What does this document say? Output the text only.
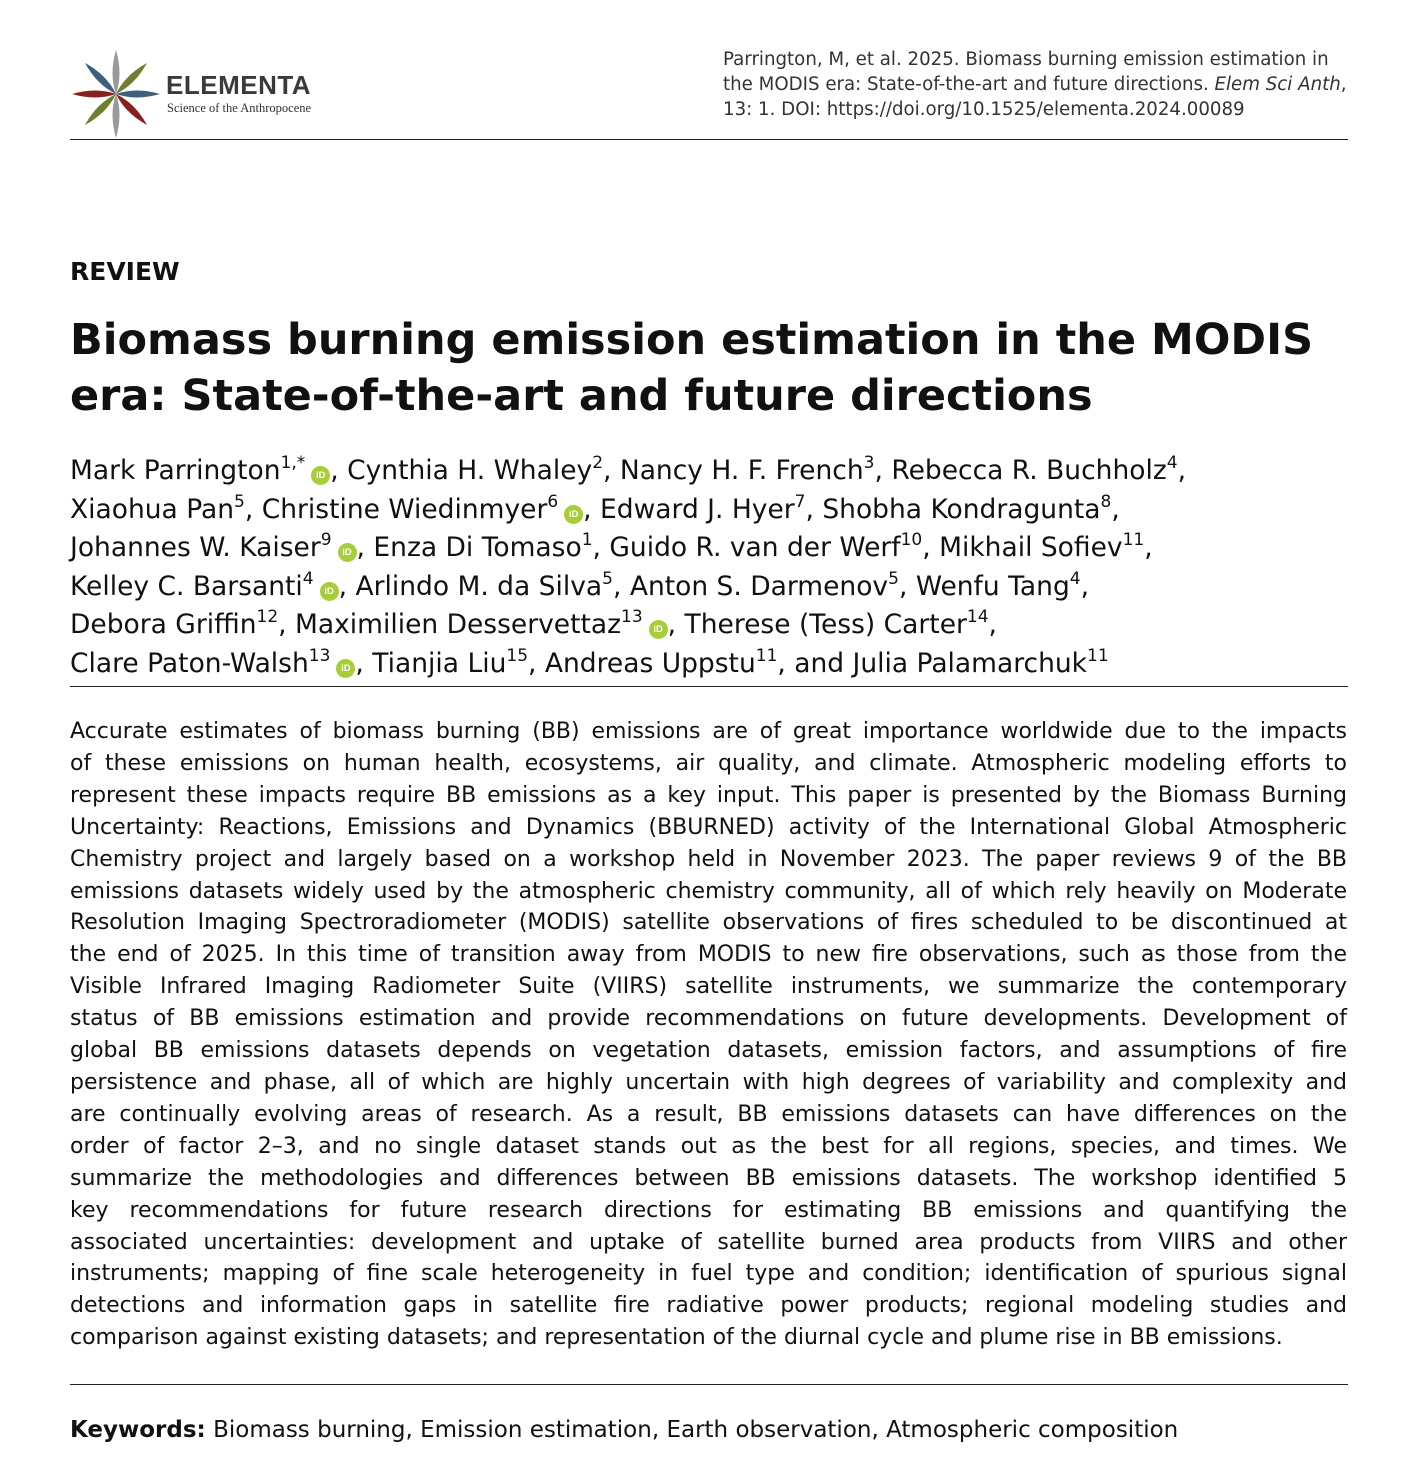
ELEMENTA
Science of the Anthropocene
Parrington, M, et al. 2025. Biomass burning emission estimation in the MODIS era: State-of-the-art and future directions. Elem Sci Anth, 13: 1. DOI: https://doi.org/10.1525/elementa.2024.00089
REVIEW
Biomass burning emission estimation in the MODIS era: State-of-the-art and future directions
Mark Parrington$^{1,*}$iD , Cynthia H. Whaley$^2$, Nancy H. F. French$^3$, Rebecca R. Buchholz$^4$,
Xiaohua Pan$^5$, Christine Wiedinmyer$^6$iD , Edward J. Hyer$^7$, Shobha Kondragunta$^8$,
Johannes W. Kaiser$^9$iD , Enza Di Tomaso$^1$, Guido R. van der Werf$^{10}$, Mikhail Sofiev$^{11}$,
Kelley C. Barsanti$^4$iD , Arlindo M. da Silva$^5$, Anton S. Darmenov$^5$, Wenfu Tang$^4$,
Debora Griffin$^{12}$, Maximilien Desservettaz$^{13}$iD , Therese (Tess) Carter$^{14}$,
Clare Paton-Walsh$^{13}$iD , Tianjia Liu$^{15}$, Andreas Uppstu$^{11}$, and Julia Palamarchuk$^{11}$
Accurate estimates of biomass burning (BB) emissions are of great importance worldwide due to the impacts
of these emissions on human health, ecosystems, air quality, and climate. Atmospheric modeling efforts to
represent these impacts require BB emissions as a key input. This paper is presented by the Biomass Burning
Uncertainty: Reactions, Emissions and Dynamics (BBURNED) activity of the International Global Atmospheric
Chemistry project and largely based on a workshop held in November 2023. The paper reviews 9 of the BB
emissions datasets widely used by the atmospheric chemistry community, all of which rely heavily on Moderate
Resolution Imaging Spectroradiometer (MODIS) satellite observations of fires scheduled to be discontinued at
the end of 2025. In this time of transition away from MODIS to new fire observations, such as those from the
Visible Infrared Imaging Radiometer Suite (VIIRS) satellite instruments, we summarize the contemporary
status of BB emissions estimation and provide recommendations on future developments. Development of
global BB emissions datasets depends on vegetation datasets, emission factors, and assumptions of fire
persistence and phase, all of which are highly uncertain with high degrees of variability and complexity and
are continually evolving areas of research. As a result, BB emissions datasets can have differences on the
order of factor 2–3, and no single dataset stands out as the best for all regions, species, and times. We
summarize the methodologies and differences between BB emissions datasets. The workshop identified 5
key recommendations for future research directions for estimating BB emissions and quantifying the
associated uncertainties: development and uptake of satellite burned area products from VIIRS and other
instruments; mapping of fine scale heterogeneity in fuel type and condition; identification of spurious signal
detections and information gaps in satellite fire radiative power products; regional modeling studies and
comparison against existing datasets; and representation of the diurnal cycle and plume rise in BB emissions.
Keywords: Biomass burning, Emission estimation, Earth observation, Atmospheric composition
